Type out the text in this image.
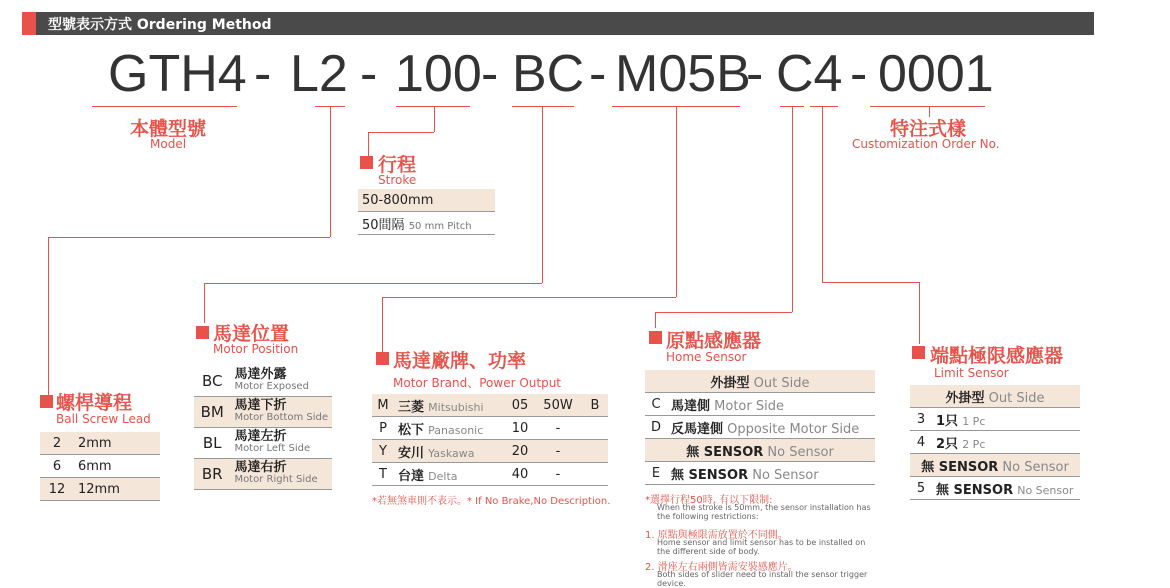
型號表示方式 Ordering Method
GTH4 - L2 - 100 - BC - M05B
- C4 - 0001
本體型號
Model
特注式樣
Customization Order No.
行程
Stroke
50-800mm
50間隔 50 mm Pitch
螺桿導程
Ball Screw Lead
2	2mm
6	6mm
12	12mm
馬達位置
Motor Position
BC	馬達外露
Motor Exposed

BM	馬達下折
Motor Bottom Side

BL	馬達左折
Motor Left Side

BR	馬達右折
Motor Right Side
馬達廠牌、功率
Motor Brand、Power Output
M	三菱 Mitsubishi	05	50W	B
P	松下 Panasonic	10	-	
Y	安川 Yaskawa	20	-	
T	台達 Delta	40	-	
*若無煞車則不表示。* If No Brake,No Description.
原點感應器
Home Sensor
外掛型 Out Side	
C	馬達側 Motor Side
D	反馬達側 Opposite Motor Side
無 SENSOR No Sensor	
E	無 SENSOR No Sensor
*選擇行程50時, 有以下限制:
When the stroke is 50mm, the sensor installation has the following restrictions:
1. 原點與極限需放置於不同側。
Home sensor and limit sensor has to be installed on the different side of body.
2. 滑座左右兩側皆需安裝感應片。
Both sides of slider need to install the sensor trigger device.
端點極限感應器
Limit Sensor
外掛型 Out Side	
3	1只 1 Pc
4	2只 2 Pc
無 SENSOR No Sensor	
5	無 SENSOR No Sensor
